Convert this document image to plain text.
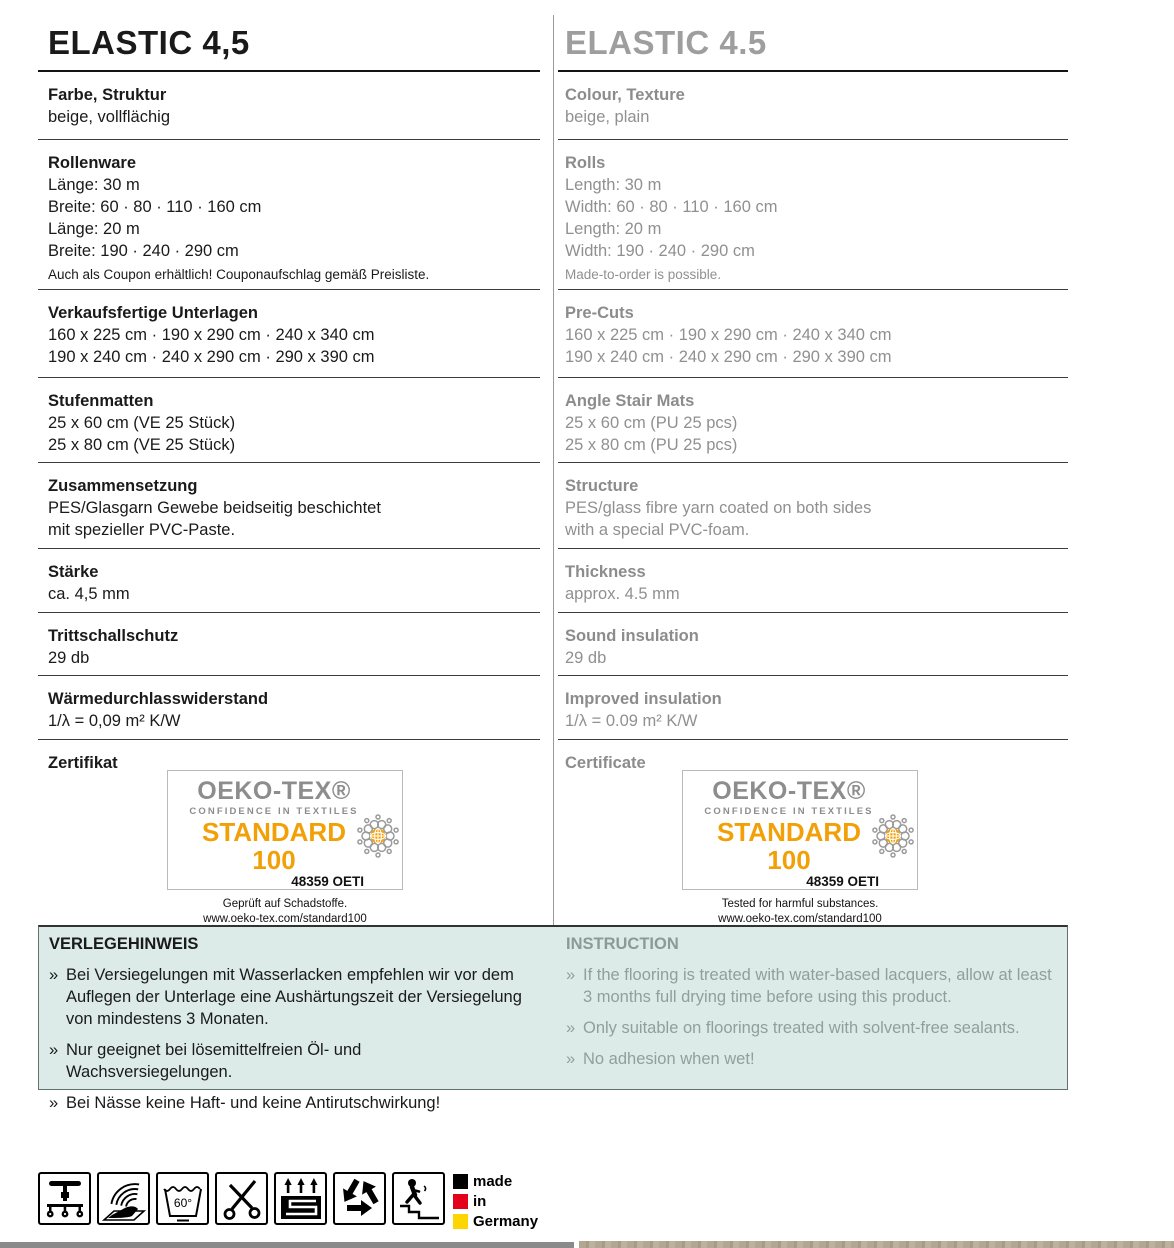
ELASTIC 4,5	ELASTIC 4.5
Farbe, Struktur
beige, vollflächig
Colour, Texture
beige, plain
Rollenware
Länge: 30 m
Breite: 60 · 80 · 110 · 160 cm
Länge: 20 m
Breite: 190 · 240 · 290 cm
Auch als Coupon erhältlich! Couponaufschlag gemäß Preisliste.
Rolls
Length: 30 m
Width: 60 · 80 · 110 · 160 cm
Length: 20 m
Width: 190 · 240 · 290 cm
Made-to-order is possible.
Verkaufsfertige Unterlagen
160 x 225 cm · 190 x 290 cm · 240 x 340 cm
190 x 240 cm · 240 x 290 cm · 290 x 390 cm
Pre-Cuts
160 x 225 cm · 190 x 290 cm · 240 x 340 cm
190 x 240 cm · 240 x 290 cm · 290 x 390 cm
Stufenmatten
25 x 60 cm (VE 25 Stück)
25 x 80 cm (VE 25 Stück)
Angle Stair Mats
25 x 60 cm (PU 25 pcs)
25 x 80 cm (PU 25 pcs)
Zusammensetzung
PES/Glasgarn Gewebe beidseitig beschichtet
mit spezieller PVC-Paste.
Structure
PES/glass fibre yarn coated on both sides
with a special PVC-foam.
Stärke
ca. 4,5 mm
Thickness
approx. 4.5 mm
Trittschallschutz
29 db
Sound insulation
29 db
Wärmedurchlasswiderstand
1/λ = 0,09 m² K/W
Improved insulation
1/λ = 0.09 m² K/W
Zertifikat
OEKO-TEX®
CONFIDENCE IN TEXTILES
STANDARD 100
48359 OETI
Geprüft auf Schadstoffe.
www.oeko-tex.com/standard100
Certificate
OEKO-TEX®
CONFIDENCE IN TEXTILES
STANDARD 100
48359 OETI
Tested for harmful substances.
www.oeko-tex.com/standard100
VERLEGEHINWEIS
» Bei Versiegelungen mit Wasserlacken empfehlen wir vor dem Auflegen der Unterlage eine Aushärtungszeit der Versiegelung von mindestens 3 Monaten.
» Nur geeignet bei lösemittelfreien Öl- und Wachsversiegelungen.
» Bei Nässe keine Haft- und keine Antirutschwirkung!
INSTRUCTION
» If the flooring is treated with water-based lacquers, allow at least 3 months full drying time before using this product.
» Only suitable on floorings treated with solvent-free sealants.
» No adhesion when wet!
60°
made
in
Germany
